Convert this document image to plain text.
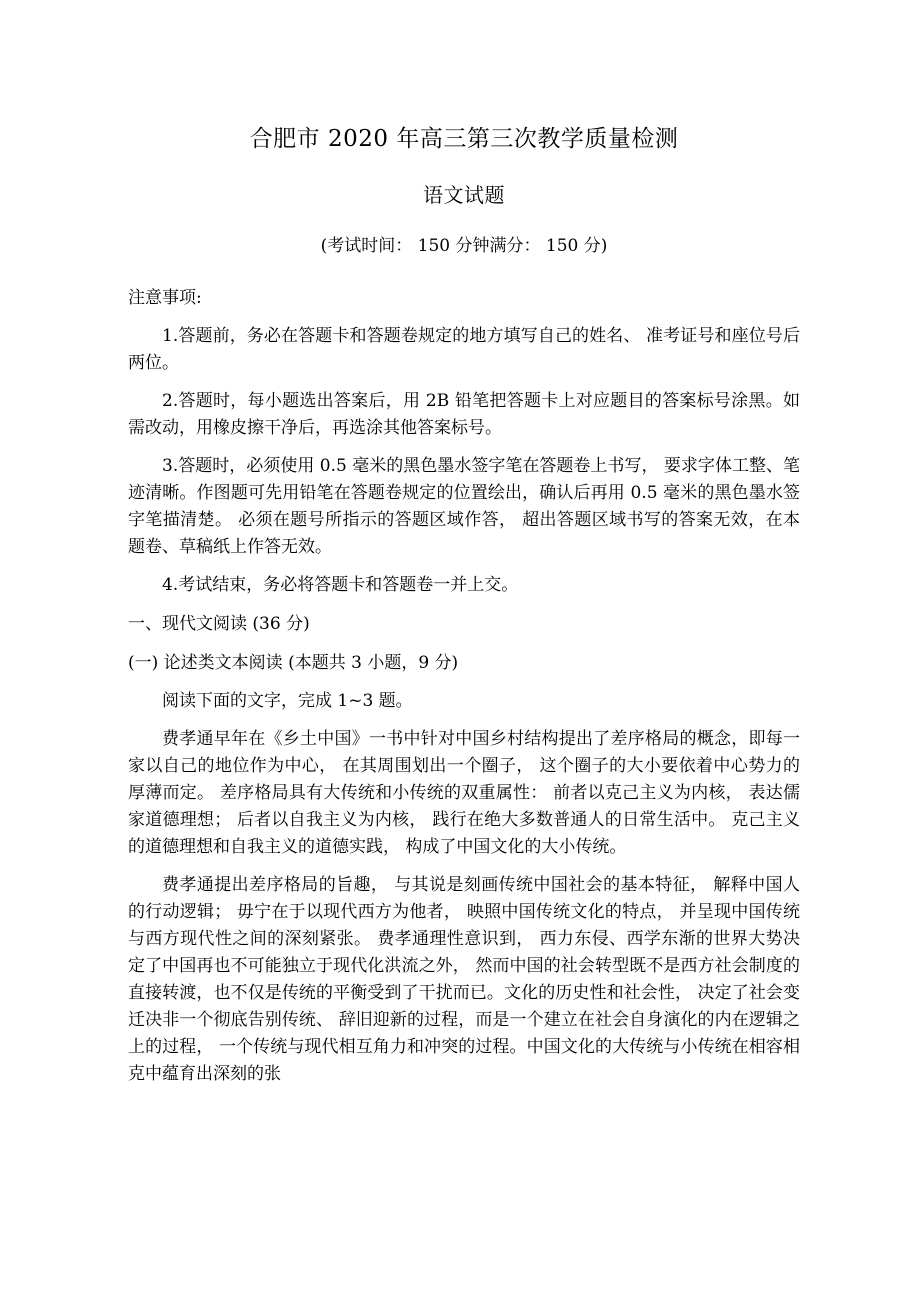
合肥市 2020 年高三第三次教学质量检测
语文试题

(考试时间： 150 分钟满分： 150 分)

注意事项:

1.答题前，务必在答题卡和答题卷规定的地方填写自己的姓名、 准考证号和座位号后两位。

2.答题时，每小题选出答案后，用 2B 铅笔把答题卡上对应题目的答案标号涂黑。如需改动，用橡皮擦干净后，再选涂其他答案标号。

3.答题时，必须使用 0.5 毫米的黑色墨水签字笔在答题卷上书写， 要求字体工整、笔迹清晰。作图题可先用铅笔在答题卷规定的位置绘出，确认后再用 0.5 毫米的黑色墨水签字笔描清楚。 必须在题号所指示的答题区域作答， 超出答题区域书写的答案无效，在本题卷、草稿纸上作答无效。

4.考试结束，务必将答题卡和答题卷一并上交。

一、现代文阅读 (36 分)

(一) 论述类文本阅读 (本题共 3 小题，9 分)

阅读下面的文字，完成 1~3 题。

费孝通早年在《乡土中国》一书中针对中国乡村结构提出了差序格局的概念，即每一家以自己的地位作为中心， 在其周围划出一个圈子， 这个圈子的大小要依着中心势力的厚薄而定。 差序格局具有大传统和小传统的双重属性： 前者以克己主义为内核， 表达儒家道德理想； 后者以自我主义为内核， 践行在绝大多数普通人的日常生活中。 克己主义的道德理想和自我主义的道德实践， 构成了中国文化的大小传统。

费孝通提出差序格局的旨趣， 与其说是刻画传统中国社会的基本特征， 解释中国人的行动逻辑； 毋宁在于以现代西方为他者， 映照中国传统文化的特点， 并呈现中国传统与西方现代性之间的深刻紧张。 费孝通理性意识到， 西力东侵、西学东渐的世界大势决定了中国再也不可能独立于现代化洪流之外， 然而中国的社会转型既不是西方社会制度的直接转渡，也不仅是传统的平衡受到了干扰而已。文化的历史性和社会性， 决定了社会变迁决非一个彻底告别传统、 辞旧迎新的过程，而是一个建立在社会自身演化的内在逻辑之上的过程， 一个传统与现代相互角力和冲突的过程。中国文化的大传统与小传统在相容相克中蕴育出深刻的张
